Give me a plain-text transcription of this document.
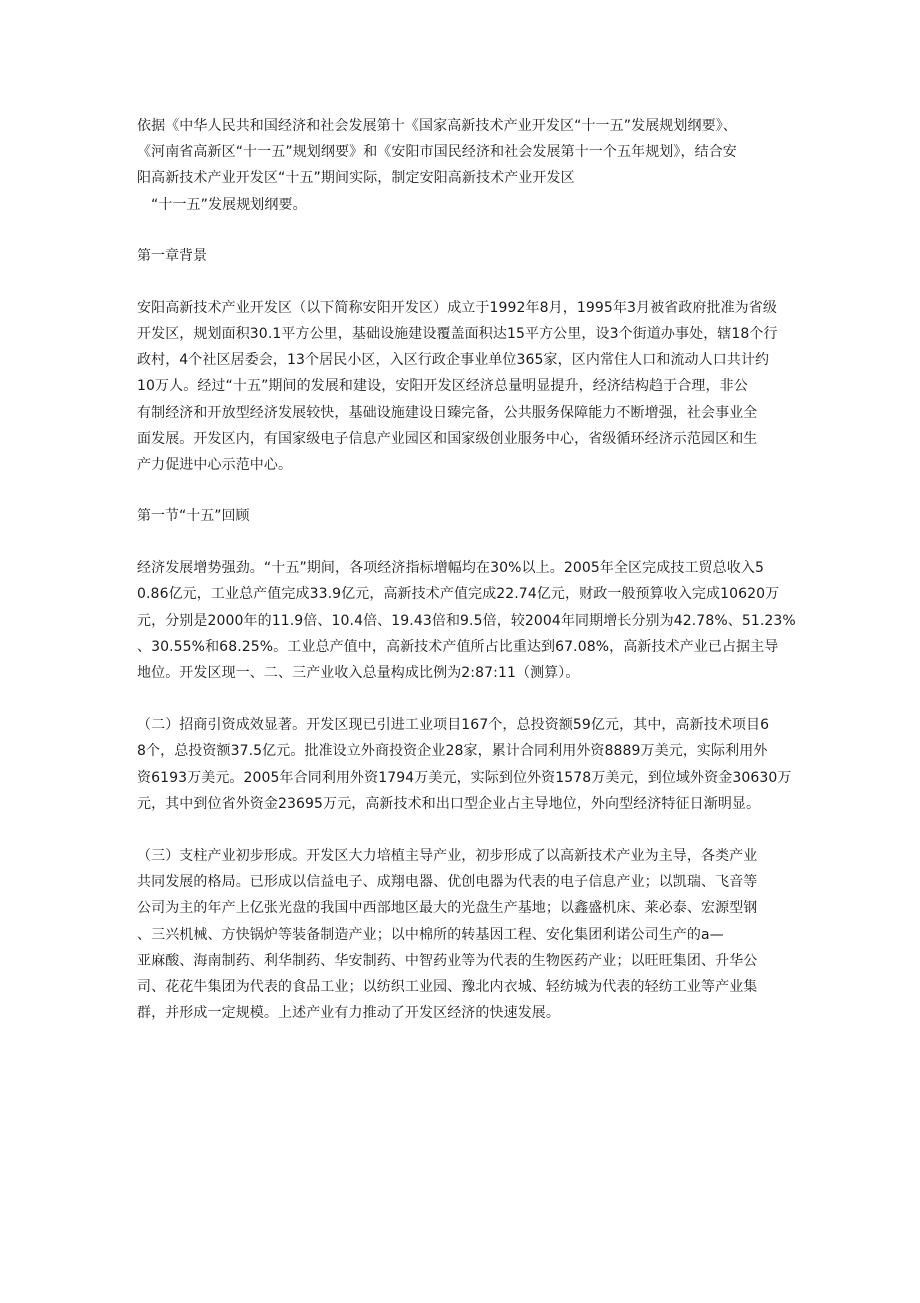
依据《中华人民共和国经济和社会发展第十《国家高新技术产业开发区“十一五”发展规划纲要》、
《河南省高新区“十一五”规划纲要》和《安阳市国民经济和社会发展第十一个五年规划》，结合安
阳高新技术产业开发区“十五”期间实际，制定安阳高新技术产业开发区
“十一五”发展规划纲要。

第一章背景

安阳高新技术产业开发区（以下简称安阳开发区）成立于1992年8月，1995年3月被省政府批准为省级
开发区，规划面积30.1平方公里，基础设施建设覆盖面积达15平方公里，设3个街道办事处，辖18个行
政村，4个社区居委会，13个居民小区，入区行政企事业单位365家，区内常住人口和流动人口共计约
10万人。经过“十五”期间的发展和建设，安阳开发区经济总量明显提升，经济结构趋于合理，非公
有制经济和开放型经济发展较快，基础设施建设日臻完备，公共服务保障能力不断增强，社会事业全
面发展。开发区内，有国家级电子信息产业园区和国家级创业服务中心，省级循环经济示范园区和生
产力促进中心示范中心。

第一节“十五”回顾

经济发展增势强劲。“十五”期间，各项经济指标增幅均在30%以上。2005年全区完成技工贸总收入5
0.86亿元，工业总产值完成33.9亿元，高新技术产值完成22.74亿元，财政一般预算收入完成10620万
元，分别是2000年的11.9倍、10.4倍、19.43倍和9.5倍，较2004年同期增长分别为42.78%、51.23%
、30.55%和68.25%。工业总产值中，高新技术产值所占比重达到67.08%，高新技术产业已占据主导
地位。开发区现一、二、三产业收入总量构成比例为2:87:11（测算）。

（二）招商引资成效显著。开发区现已引进工业项目167个，总投资额59亿元，其中，高新技术项目6
8个，总投资额37.5亿元。批准设立外商投资企业28家，累计合同利用外资8889万美元，实际利用外
资6193万美元。2005年合同利用外资1794万美元，实际到位外资1578万美元，到位域外资金30630万
元，其中到位省外资金23695万元，高新技术和出口型企业占主导地位，外向型经济特征日渐明显。

（三）支柱产业初步形成。开发区大力培植主导产业，初步形成了以高新技术产业为主导，各类产业
共同发展的格局。已形成以信益电子、成翔电器、优创电器为代表的电子信息产业；以凯瑞、飞音等
公司为主的年产上亿张光盘的我国中西部地区最大的光盘生产基地；以鑫盛机床、莱必泰、宏源型钢
、三兴机械、方快锅炉等装备制造产业；以中棉所的转基因工程、安化集团利诺公司生产的a—
亚麻酸、海南制药、利华制药、华安制药、中智药业等为代表的生物医药产业；以旺旺集团、升华公
司、花花牛集团为代表的食品工业；以纺织工业园、豫北内衣城、轻纺城为代表的轻纺工业等产业集
群，并形成一定规模。上述产业有力推动了开发区经济的快速发展。
